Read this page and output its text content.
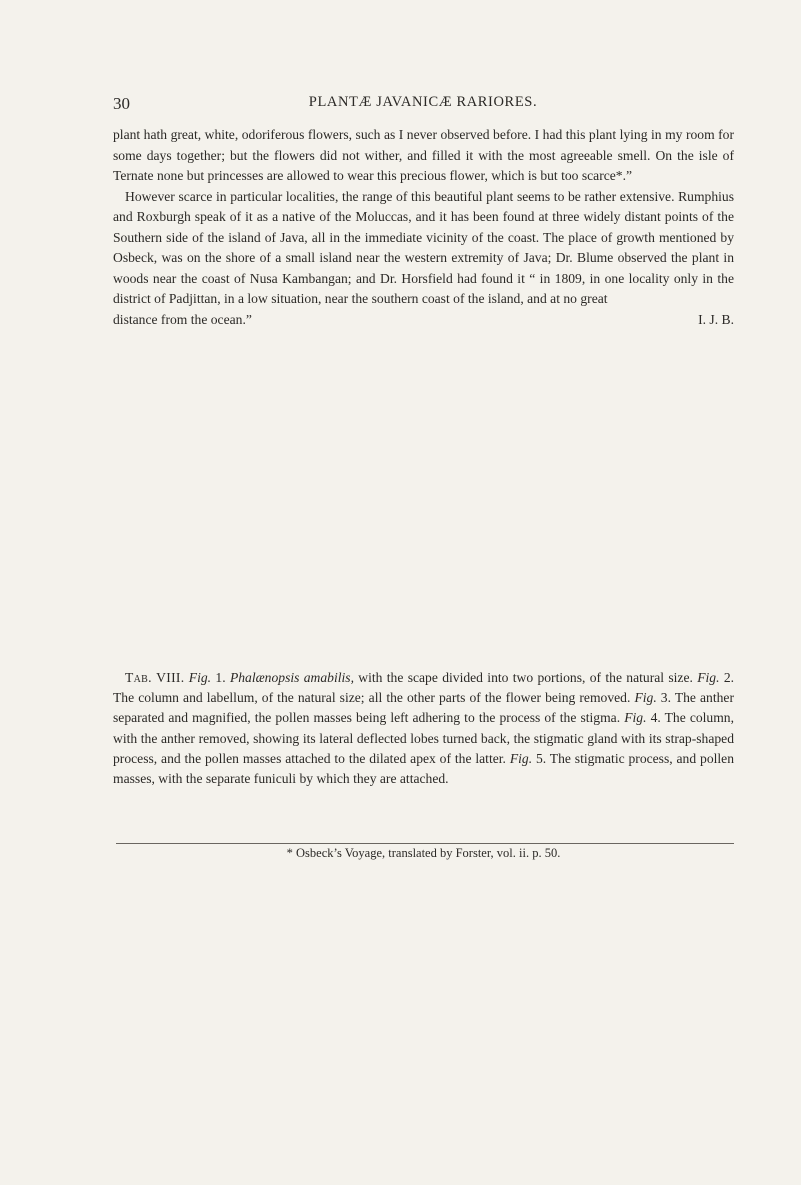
30	PLANTÆ JAVANICÆ RARIORES.

plant hath great, white, odoriferous flowers, such as I never observed before. I had this plant lying in my room for some days together; but the flowers did not wither, and filled it with the most agreeable smell. On the isle of Ternate none but princesses are allowed to wear this precious flower, which is but too scarce*.”

However scarce in particular localities, the range of this beautiful plant seems to be rather extensive. Rumphius and Roxburgh speak of it as a native of the Moluccas, and it has been found at three widely distant points of the Southern side of the island of Java, all in the immediate vicinity of the coast. The place of growth mentioned by Osbeck, was on the shore of a small island near the western extremity of Java; Dr. Blume observed the plant in woods near the coast of Nusa Kambangan; and Dr. Horsfield had found it “ in 1809, in one locality only in the district of Padjittan, in a low situation, near the southern coast of the island, and at no great

distance from the ocean.”	I. J. B.

Tab. VIII. Fig. 1. Phalænopsis amabilis, with the scape divided into two portions, of the natural size. Fig. 2. The column and labellum, of the natural size; all the other parts of the flower being removed. Fig. 3. The anther separated and magnified, the pollen masses being left adhering to the process of the stigma. Fig. 4. The column, with the anther removed, showing its lateral deflected lobes turned back, the stigmatic gland with its strap-shaped process, and the pollen masses attached to the dilated apex of the latter. Fig. 5. The stigmatic process, and pollen masses, with the separate funiculi by which they are attached.

* Osbeck’s Voyage, translated by Forster, vol. ii. p. 50.
